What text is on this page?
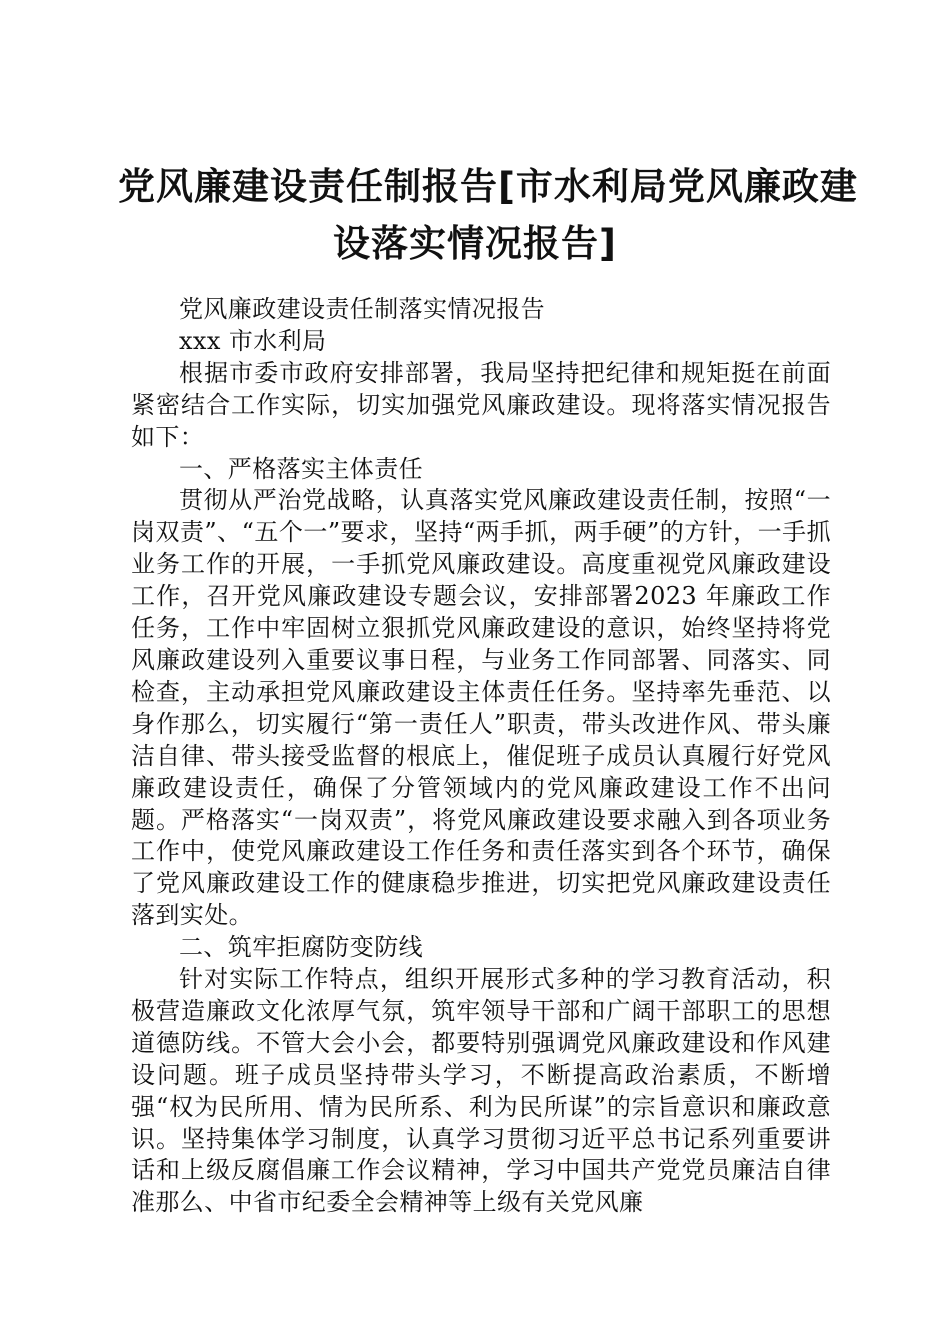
党风廉建设责任制报告[市水利局党风廉政建
设落实情况报告]

党风廉政建设责任制落实情况报告

xxx 市水利局

根据市委市政府安排部署，我局坚持把纪律和规矩挺在前面紧密结合工作实际，切实加强党风廉政建设。现将落实情况报告如下：

一、严格落实主体责任

贯彻从严治党战略，认真落实党风廉政建设责任制，按照“一岗双责”、“五个一”要求，坚持“两手抓，两手硬”的方针，一手抓业务工作的开展，一手抓党风廉政建设。高度重视党风廉政建设工作，召开党风廉政建设专题会议，安排部署2023 年廉政工作任务，工作中牢固树立狠抓党风廉政建设的意识，始终坚持将党风廉政建设列入重要议事日程，与业务工作同部署、同落实、同检查，主动承担党风廉政建设主体责任任务。坚持率先垂范、以身作那么，切实履行“第一责任人”职责，带头改进作风、带头廉洁自律、带头接受监督的根底上，催促班子成员认真履行好党风廉政建设责任，确保了分管领域内的党风廉政建设工作不出问题。严格落实“一岗双责”，将党风廉政建设要求融入到各项业务工作中，使党风廉政建设工作任务和责任落实到各个环节，确保了党风廉政建设工作的健康稳步推进，切实把党风廉政建设责任落到实处。

二、筑牢拒腐防变防线

针对实际工作特点，组织开展形式多种的学习教育活动，积极营造廉政文化浓厚气氛，筑牢领导干部和广阔干部职工的思想道德防线。不管大会小会，都要特别强调党风廉政建设和作风建设问题。班子成员坚持带头学习，不断提高政治素质，不断增强“权为民所用、情为民所系、利为民所谋”的宗旨意识和廉政意识。坚持集体学习制度，认真学习贯彻习近平总书记系列重要讲话和上级反腐倡廉工作会议精神，学习中国共产党党员廉洁自律准那么、中省市纪委全会精神等上级有关党风廉
